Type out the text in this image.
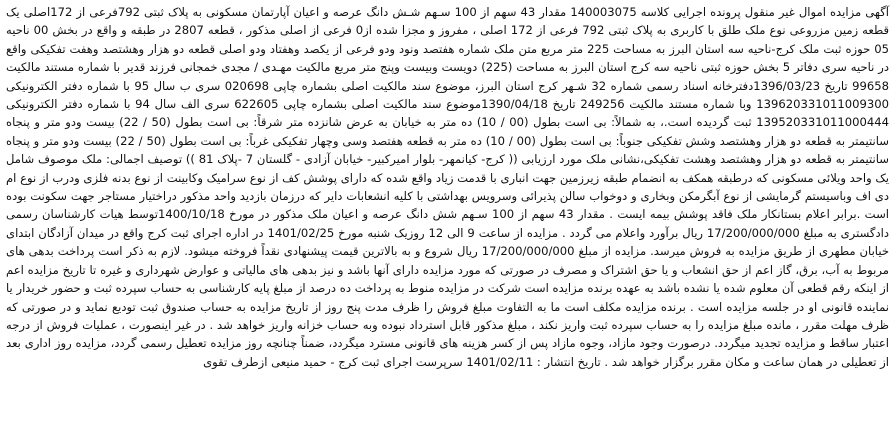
آگهی مزایده اموال غیر منقول پرونده اجرایی کلاسه 140003075 مقدار 43 سهم از 100 سـهم شـش دانگ عرصه و اعیان آپارتمان مسکونی به پلاک ثبتی 792فرعی از 172اصلی یک قطعه زمین مزروعی نوع ملک طلق با کاربری به پلاک ثبتی 792 فرعی از 172 اصلی ، مفروز و مجزا شده از0 فرعی از اصلی مذکور ، قطعه 2807 در طبقه و واقع در بخش 00 ناحیه 05 حوزه ثبت ملک کرج-ناحیه سه استان البرز به مساحت 225 متر مربع متن ملک شماره هفتصد ونود ودو فرعی از یکصد وهفتاد ودو اصلی قطعه دو هزار وهشتصد وهفت تفکیکی واقع در ناحیه سری دفاتر 5 بخش حوزه ثبتی ناحیه سه کرج استان البرز به مساحت (225) دویست وبیست وپنج متر مربع مالکیت مهـدی / مجدی خمجانی فرزند قدیر با شماره مستند مالکیت 99658 تاریخ 1396/03/23دفترخانه اسناد رسمی شماره 32 شـهر کرج استان البرز، موضوع سند مالکیت اصلی بشماره چاپی 020698 سری ب سال 95 با شماره دفتر الکترونیکی 139620331011009300 وبا شماره مستند مالکیت 249256 تاریخ 1390/04/18موضوع سند مالکیت اصلی بشماره چاپی 622605 سری الف سال 94 با شماره دفتر الکترونیکی 139520331011000444 ثبت گردیده است.، به شمالاً: بی است بطول (00 / 10) ده متر به خیابان به عرض شانزده متر شرقاً: بی است بطول (50 / 22) بیست ودو متر و پنجاه سانتیمتر به قطعه دو هزار وهشتصد وشش تفکیکی جنوباً: بی است بطول (00 / 10) ده متر به قطعه هفتصد وسی وچهار تفکیکی غرباً: بی است بطول (50 / 22) بیست ودو متر و پنجاه سانتیمتر به قطعه دو هزار وهشتصد وهشت تفکیکی،نشانی ملک مورد ارزیابی (( کرج- کیانمهر- بلوار امیرکبیر- خیابان آزادی - گلستان 7 -پلاک 81 )) توصیف اجمالی: ملک موصوف شامل یک واحد ویلائی مسکونی که درطبقه همکف به انضمام طبقه زیرزمین جهت انباری با قدمت زیاد واقع شده که دارای پوشش کف از نوع سرامیک وکابینت از نوع بدنه فلزی ودرب از نوع ام دی اف وباسیستم گرمایشی از نوع آبگرمکن وبخاری و دوخواب سالن پذیرائی وسرویس بهداشتی با کلیه انشعابات دایر که درزمان بازدید واحد مذکور دراختیار مستاجر جهت سکونت بوده است .برابر اعلام بستانکار ملک فاقد پوشش بیمه ایست . مقدار 43 سهم از 100 سـهم شش دانگ عرصه و اعیان ملک مذکور در مورخ 1400/10/18توسط هیات کارشناسان رسمی دادگستری به مبلغ 17/200/000/000 ریال برآورد واعلام می گردد . مزایده از ساعت 9 الی 12 روزیک شنبه مورخ 1401/02/25 در اداره اجرای ثبت کرج واقع در میدان آزادگان ابتدای خیابان مطهری از طریق مزایده به فروش میرسد. مزایده از مبلغ 17/200/000/000 ریال شروع و به بالاترین قیمت پیشنهادی نقداً فروخته میشود. لازم به ذکر است پرداخت بدهی های مربوط به آب، برق، گاز اعم از حق انشعاب و یا حق اشتراک و مصرف در صورتی که مورد مزایده دارای آنها باشد و نیز بدهی های مالیاتی و عوارض شهرداری و غیره تا تاریخ مزایده اعم از اینکه رقم قطعی آن معلوم شده یا نشده باشد به عهده برنده مزایده است شرکت در مزایده منوط به پرداخت ده درصد از مبلغ پایه کارشناسی به حساب سپرده ثبت و حضور خریدار یا نماینده قانونی او در جلسه مزایده است . برنده مزایده مکلف است ما به التفاوت مبلغ فروش را ظرف مدت پنج روز از تاریخ مزایده به حساب صندوق ثبت تودیع نماید و در صورتی که ظرف مهلت مقرر ، مانده مبلغ مزایده را به حساب سپرده ثبت واریز نکند ، مبلغ مذکور قابل استرداد نبوده وبه حساب خزانه واریز خواهد شد . در غیر اینصورت ، عملیات فروش از درجه اعتبار ساقط و مزایده تجدید میگردد. درصورت وجود مازاد، وجوه مازاد پس از کسر هزینه های قانونی مسترد میگردد، ضمناً چنانچه روز مزایده تعطیل رسمی گردد، مزایده روز اداری بعد از تعطیلی در همان ساعت و مکان مقرر برگزار خواهد شد . تاریخ انتشار : 1401/02/11 سرپرست اجرای ثبت کرج - حمید منیعی ازطرف تقوی
